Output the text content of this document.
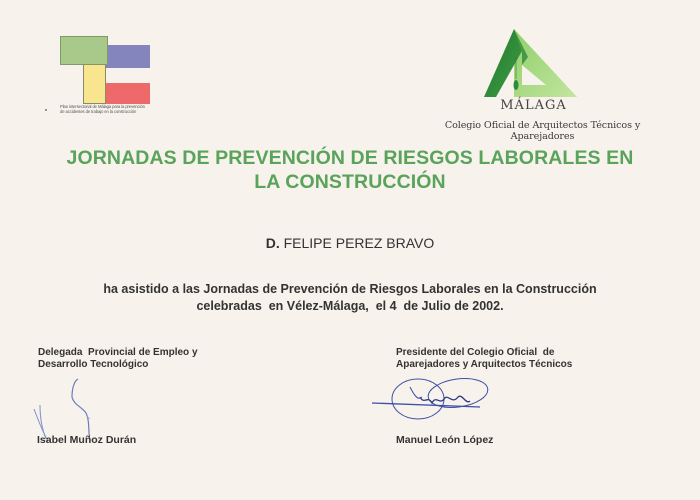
Plan intersectorial de Málaga para la prevención
de accidentes de trabajo en la construcción	MÁLAGA
Colegio Oficial de Arquitectos Técnicos y Aparejadores
JORNADAS DE PREVENCIÓN DE RIESGOS LABORALES EN
LA CONSTRUCCIÓN
D. FELIPE PEREZ BRAVO
ha asistido a las Jornadas de Prevención de Riesgos Laborales en la Construcción
celebradas  en Vélez-Málaga,  el 4  de Julio de 2002.
Delegada  Provincial de Empleo y
Desarrollo Tecnológico
Isabel Muñoz Durán
Presidente del Colegio Oficial  de
Aparejadores y Arquitectos Técnicos
Manuel León López
